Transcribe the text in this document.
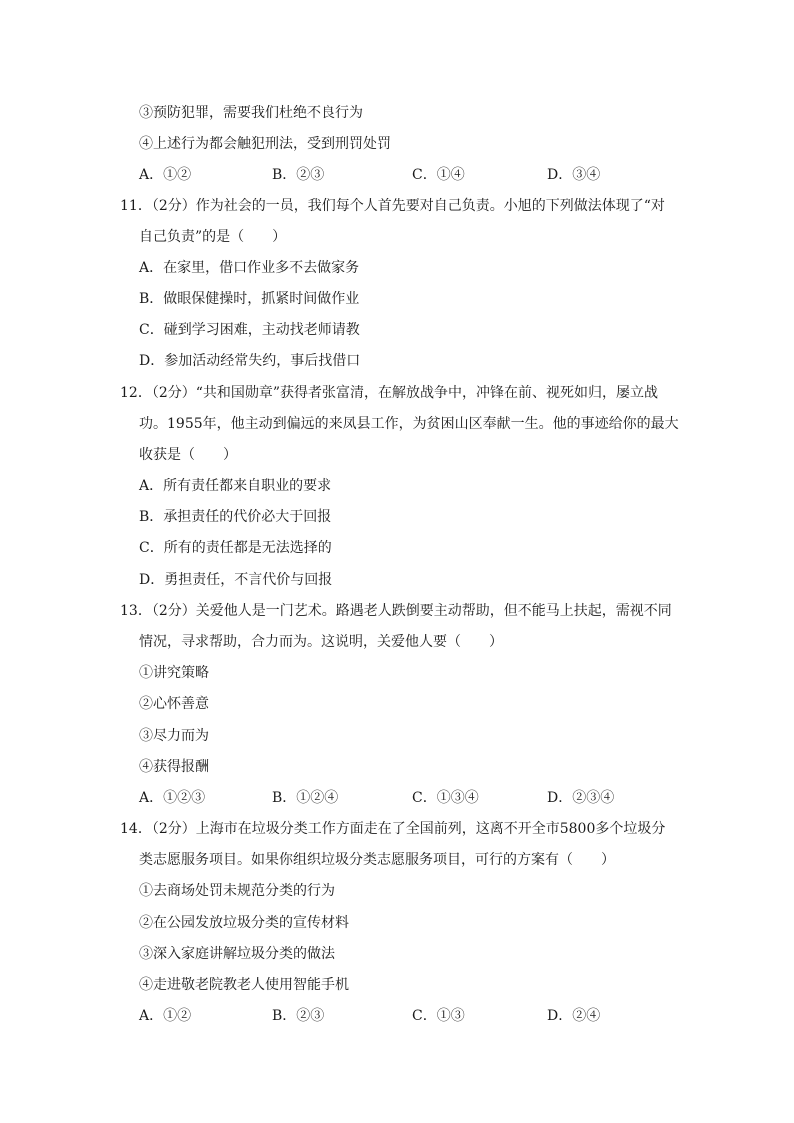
③预防犯罪，需要我们杜绝不良行为
④上述行为都会触犯刑法，受到刑罚处罚
A．①②	B．②③	C．①④	D．③④
11．（2分）作为社会的一员，我们每个人首先要对自己负责。小旭的下列做法体现了“对
自己负责”的是（　　）
A．在家里，借口作业多不去做家务
B．做眼保健操时，抓紧时间做作业
C．碰到学习困难，主动找老师请教
D．参加活动经常失约，事后找借口
12．（2分）“共和国勋章”获得者张富清，在解放战争中，冲锋在前、视死如归，屡立战
功。1955年，他主动到偏远的来凤县工作，为贫困山区奉献一生。他的事迹给你的最大
收获是（　　）
A．所有责任都来自职业的要求
B．承担责任的代价必大于回报
C．所有的责任都是无法选择的
D．勇担责任，不言代价与回报
13．（2分）关爱他人是一门艺术。路遇老人跌倒要主动帮助，但不能马上扶起，需视不同
情况，寻求帮助，合力而为。这说明，关爱他人要（　　）
①讲究策略
②心怀善意
③尽力而为
④获得报酬
A．①②③	B．①②④	C．①③④	D．②③④
14．（2分）上海市在垃圾分类工作方面走在了全国前列，这离不开全市5800多个垃圾分
类志愿服务项目。如果你组织垃圾分类志愿服务项目，可行的方案有（　　）
①去商场处罚未规范分类的行为
②在公园发放垃圾分类的宣传材料
③深入家庭讲解垃圾分类的做法
④走进敬老院教老人使用智能手机
A．①②	B．②③	C．①③	D．②④
